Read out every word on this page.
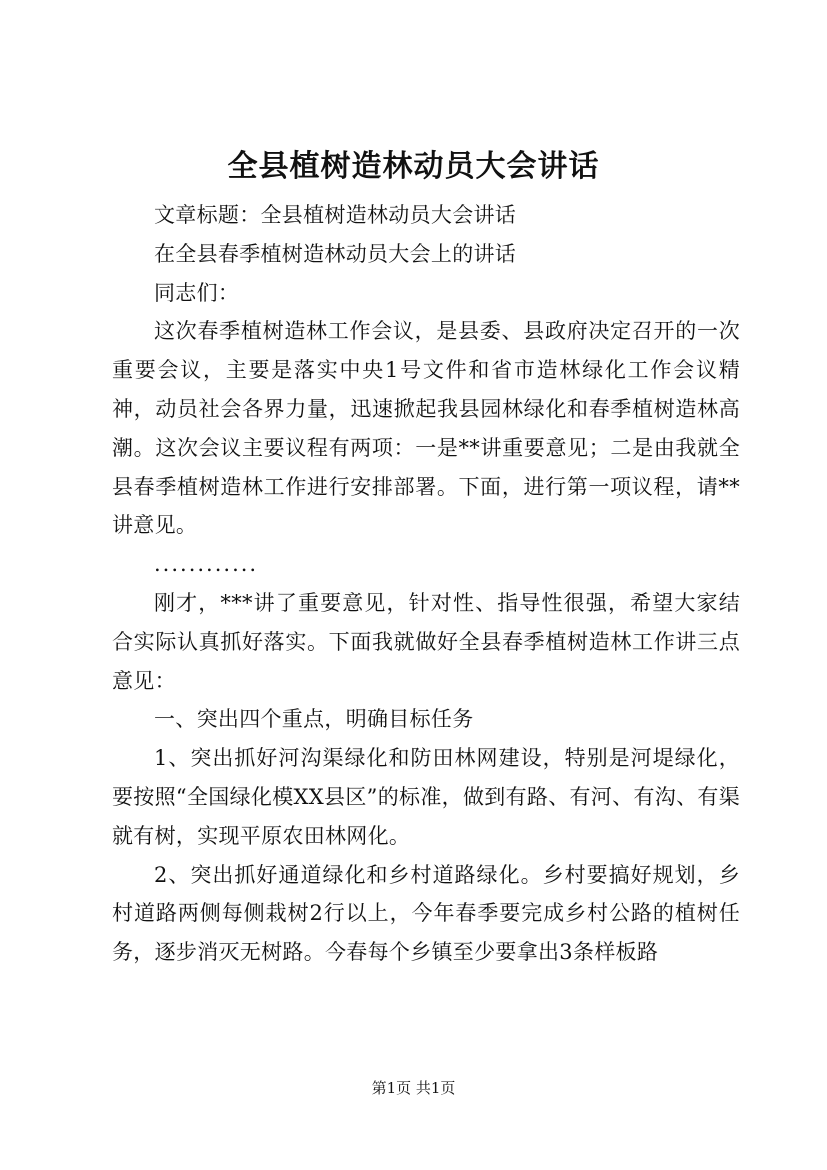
全县植树造林动员大会讲话

文章标题：全县植树造林动员大会讲话

在全县春季植树造林动员大会上的讲话

同志们：

这次春季植树造林工作会议，是县委、县政府决定召开的一次重要会议，主要是落实中央1号文件和省市造林绿化工作会议精神，动员社会各界力量，迅速掀起我县园林绿化和春季植树造林高潮。这次会议主要议程有两项：一是**讲重要意见；二是由我就全县春季植树造林工作进行安排部署。下面，进行第一项议程，请**讲意见。

............

刚才，***讲了重要意见，针对性、指导性很强，希望大家结合实际认真抓好落实。下面我就做好全县春季植树造林工作讲三点意见：

一、突出四个重点，明确目标任务

1、突出抓好河沟渠绿化和防田林网建设，特别是河堤绿化，要按照“全国绿化模XX县区”的标准，做到有路、有河、有沟、有渠就有树，实现平原农田林网化。

2、突出抓好通道绿化和乡村道路绿化。乡村要搞好规划，乡村道路两侧每侧栽树2行以上，今年春季要完成乡村公路的植树任务，逐步消灭无树路。今春每个乡镇至少要拿出3条样板路

第1页 共1页
